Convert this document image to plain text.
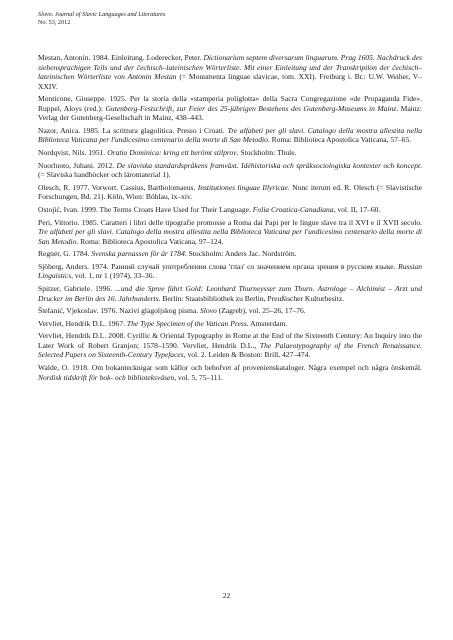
Slovo. Journal of Slavic Languages and Literatures
No. 53, 2012
Mestan, Antonin. 1984. Einleitung. Loderecker, Peter. Dictionarium septem diversarum linguarum. Prag 1605. Nachdruck des siebensprachigen Teils und der čechisch–lateinischen Wörterliste. Mit einer Einleitung und der Transkription der čechisch–lateinischen Wörterliste von Antonin Mestan (= Monumenta linguae slavicae, tom. XXI). Freiburg i. Br.: U.W. Weiher, V–XXIV.
Monticone, Giuseppe. 1925. Per la storia della «stamperia poliglotta» della Sacra Congregazione «de Propaganda Fide». Ruppel, Aloys (red.): Gutenberg-Festschrift, zur Feier des 25-jährigen Bestehens des Gutenberg-Museums in Mainz. Mainz: Verlag der Gutenberg-Gesellschaft in Mainz, 438–443.
Nazor, Anica. 1985. La scrittura glagolitica. Presso i Croati. Tre alfabeti per gli slavi. Catalogo della mostra allestita nella Biblioteca Vaticana per l'undicesimo centenario della morte di San Metodio. Roma: Biblioteca Apostolica Vaticana, 57–65.
Nordqvist, Nils. 1951. Oratio Dominica: kring ett berömt stilprov. Stockholm: Thule.
Nuorluoto, Juhani. 2012. De slaviska standardspråkens framväxt. Idéhistoriska och språksociologiska kontexter och koncept. (= Slaviska handböcker och läromaterial 1).
Olesch, R. 1977. Vorwort. Cassius, Bartholomaeus. Institutiones linguae Illyricae. Nunc iterum ed. R. Olesch (= Slavistische Forschungen, Bd. 21). Köln, Wien: Böhlau, ix–xiv.
Ostojić, Ivan. 1999. The Terms Croats Have Used for Their Language. Folia Croatica-Canadiana, vol. II, 17–60.
Peri, Vittorio. 1985. Caratteri i libri delle tipografie promosse a Roma dai Papi per le lingue slave tra il XVI e il XVII secolo. Tre alfabeti per gli slavi. Catalogo della mostra allestita nella Biblioteca Vaticana per l'undicesimo centenario della morte di San Metodio. Roma: Biblioteca Apostolica Vaticana, 97–124.
Regnér, G. 1784. Svenska parnassen för år 1784. Stockholm: Anders Jac. Nordström.
Sjöberg, Anders. 1974. Ранний случай употребления слова 'глаз' со значением органа зрения в русском языке. Russian Linguistics, vol. 1, nr 1 (1974), 33–36.
Spitzer, Gabriele. 1996. ...und die Spree führt Gold: Leonhard Thurneysser zum Thurn. Astrologe – Alchimist – Arzt und Drucker im Berlin des 16. Jahrhunderts. Berlin: Staatsbibliothek zu Berlin, Preußischer Kulturbesitz.
Štefanić, Vjekoslav. 1976. Nazivi glagoljskog pisma. Slovo (Zagreb), vol. 25–26, 17–76.
Vervliet, Hendrik D.L. 1967. The Type Specimen of the Vatican Press. Amsterdam.
Vervliet, Hendrik D.L. 2008. Cyrillic & Oriental Typography in Rome at the End of the Sixteenth Century: An Inquiry into the Later Work of Robert Granjon; 1578–1590. Vervliet, Hendrik D.L., The Palaeotypography of the French Renaissance. Selected Papers on Sixteenth-Century Typefaces, vol. 2. Leiden & Boston: Brill, 427–474.
Walde, O. 1918. Om bokantecknigar som källor och behofvet af provenienskataloger. Några exempel och några önskemål. Nordisk tidskrift för bok- och biblioteksväsen, vol. 5, 75–111.
22
